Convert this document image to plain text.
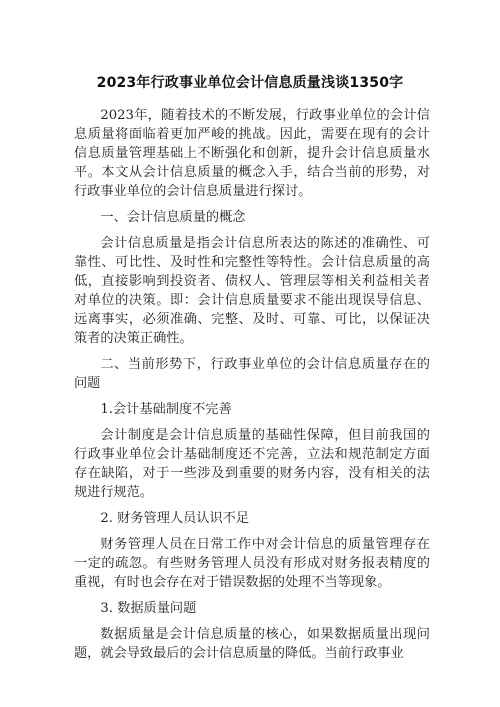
2023年行政事业单位会计信息质量浅谈1350字

2023年，随着技术的不断发展，行政事业单位的会计信息质量将面临着更加严峻的挑战。因此，需要在现有的会计信息质量管理基础上不断强化和创新，提升会计信息质量水平。本文从会计信息质量的概念入手，结合当前的形势，对行政事业单位的会计信息质量进行探讨。

一、会计信息质量的概念

会计信息质量是指会计信息所表达的陈述的准确性、可靠性、可比性、及时性和完整性等特性。会计信息质量的高低，直接影响到投资者、债权人、管理层等相关利益相关者对单位的决策。即：会计信息质量要求不能出现误导信息、远离事实，必须准确、完整、及时、可靠、可比，以保证决策者的决策正确性。

二、当前形势下，行政事业单位的会计信息质量存在的问题

1.会计基础制度不完善

会计制度是会计信息质量的基础性保障，但目前我国的行政事业单位会计基础制度还不完善，立法和规范制定方面存在缺陷，对于一些涉及到重要的财务内容，没有相关的法规进行规范。

2. 财务管理人员认识不足

财务管理人员在日常工作中对会计信息的质量管理存在一定的疏忽。有些财务管理人员没有形成对财务报表精度的重视，有时也会存在对于错误数据的处理不当等现象。

3. 数据质量问题

数据质量是会计信息质量的核心，如果数据质量出现问题，就会导致最后的会计信息质量的降低。当前行政事业
